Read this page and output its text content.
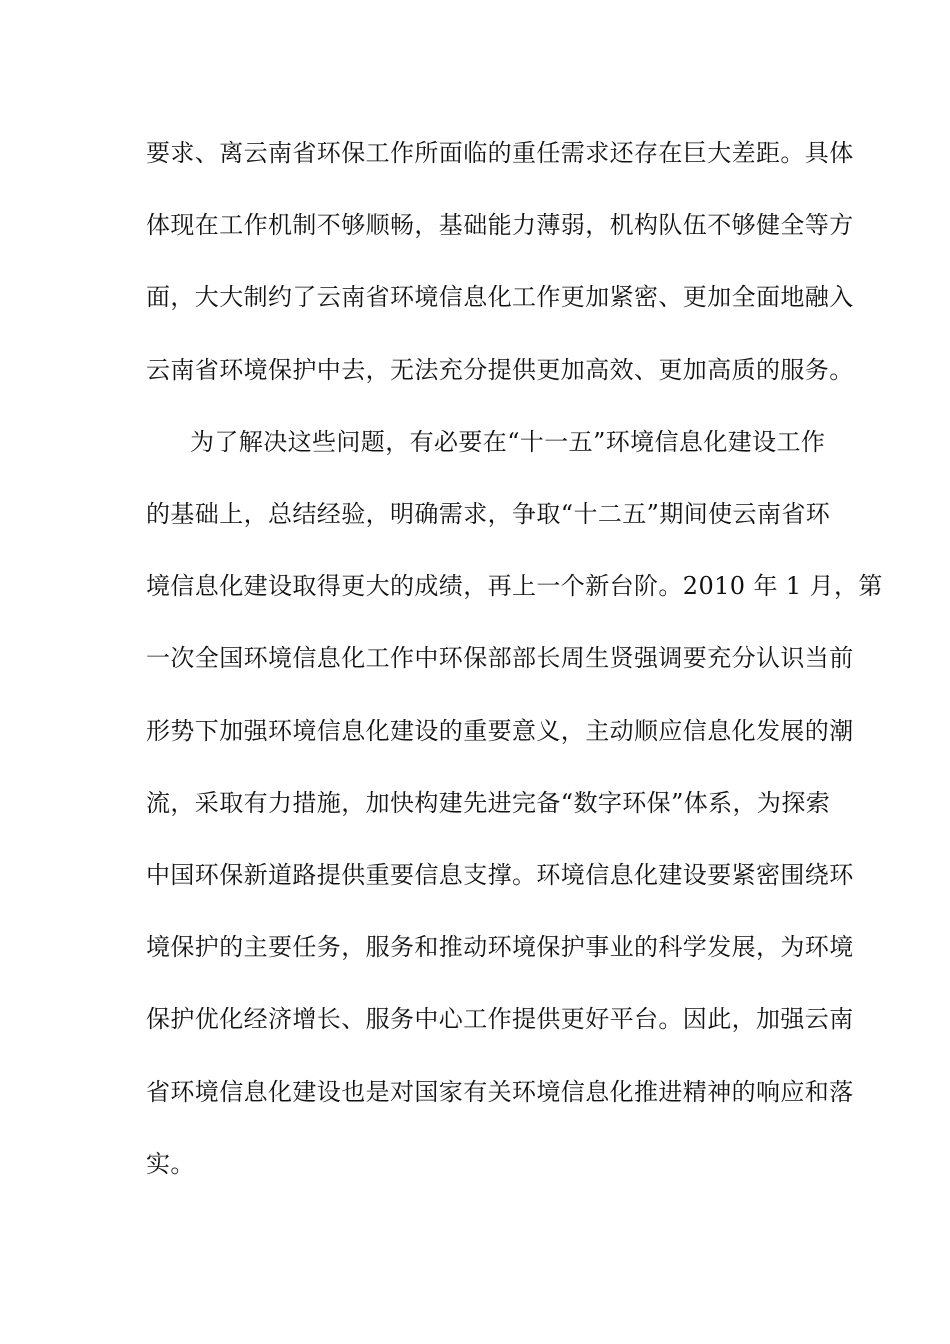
要求、离云南省环保工作所面临的重任需求还存在巨大差距。具体
体现在工作机制不够顺畅，基础能力薄弱，机构队伍不够健全等方
面，大大制约了云南省环境信息化工作更加紧密、更加全面地融入
云南省环境保护中去，无法充分提供更加高效、更加高质的服务。
为了解决这些问题，有必要在“十一五”环境信息化建设工作
的基础上，总结经验，明确需求，争取“十二五”期间使云南省环
境信息化建设取得更大的成绩，再上一个新台阶。2010 年 1 月，第
一次全国环境信息化工作中环保部部长周生贤强调要充分认识当前
形势下加强环境信息化建设的重要意义，主动顺应信息化发展的潮
流，采取有力措施，加快构建先进完备“数字环保”体系，为探索
中国环保新道路提供重要信息支撑。环境信息化建设要紧密围绕环
境保护的主要任务，服务和推动环境保护事业的科学发展，为环境
保护优化经济增长、服务中心工作提供更好平台。因此，加强云南
省环境信息化建设也是对国家有关环境信息化推进精神的响应和落
实。
